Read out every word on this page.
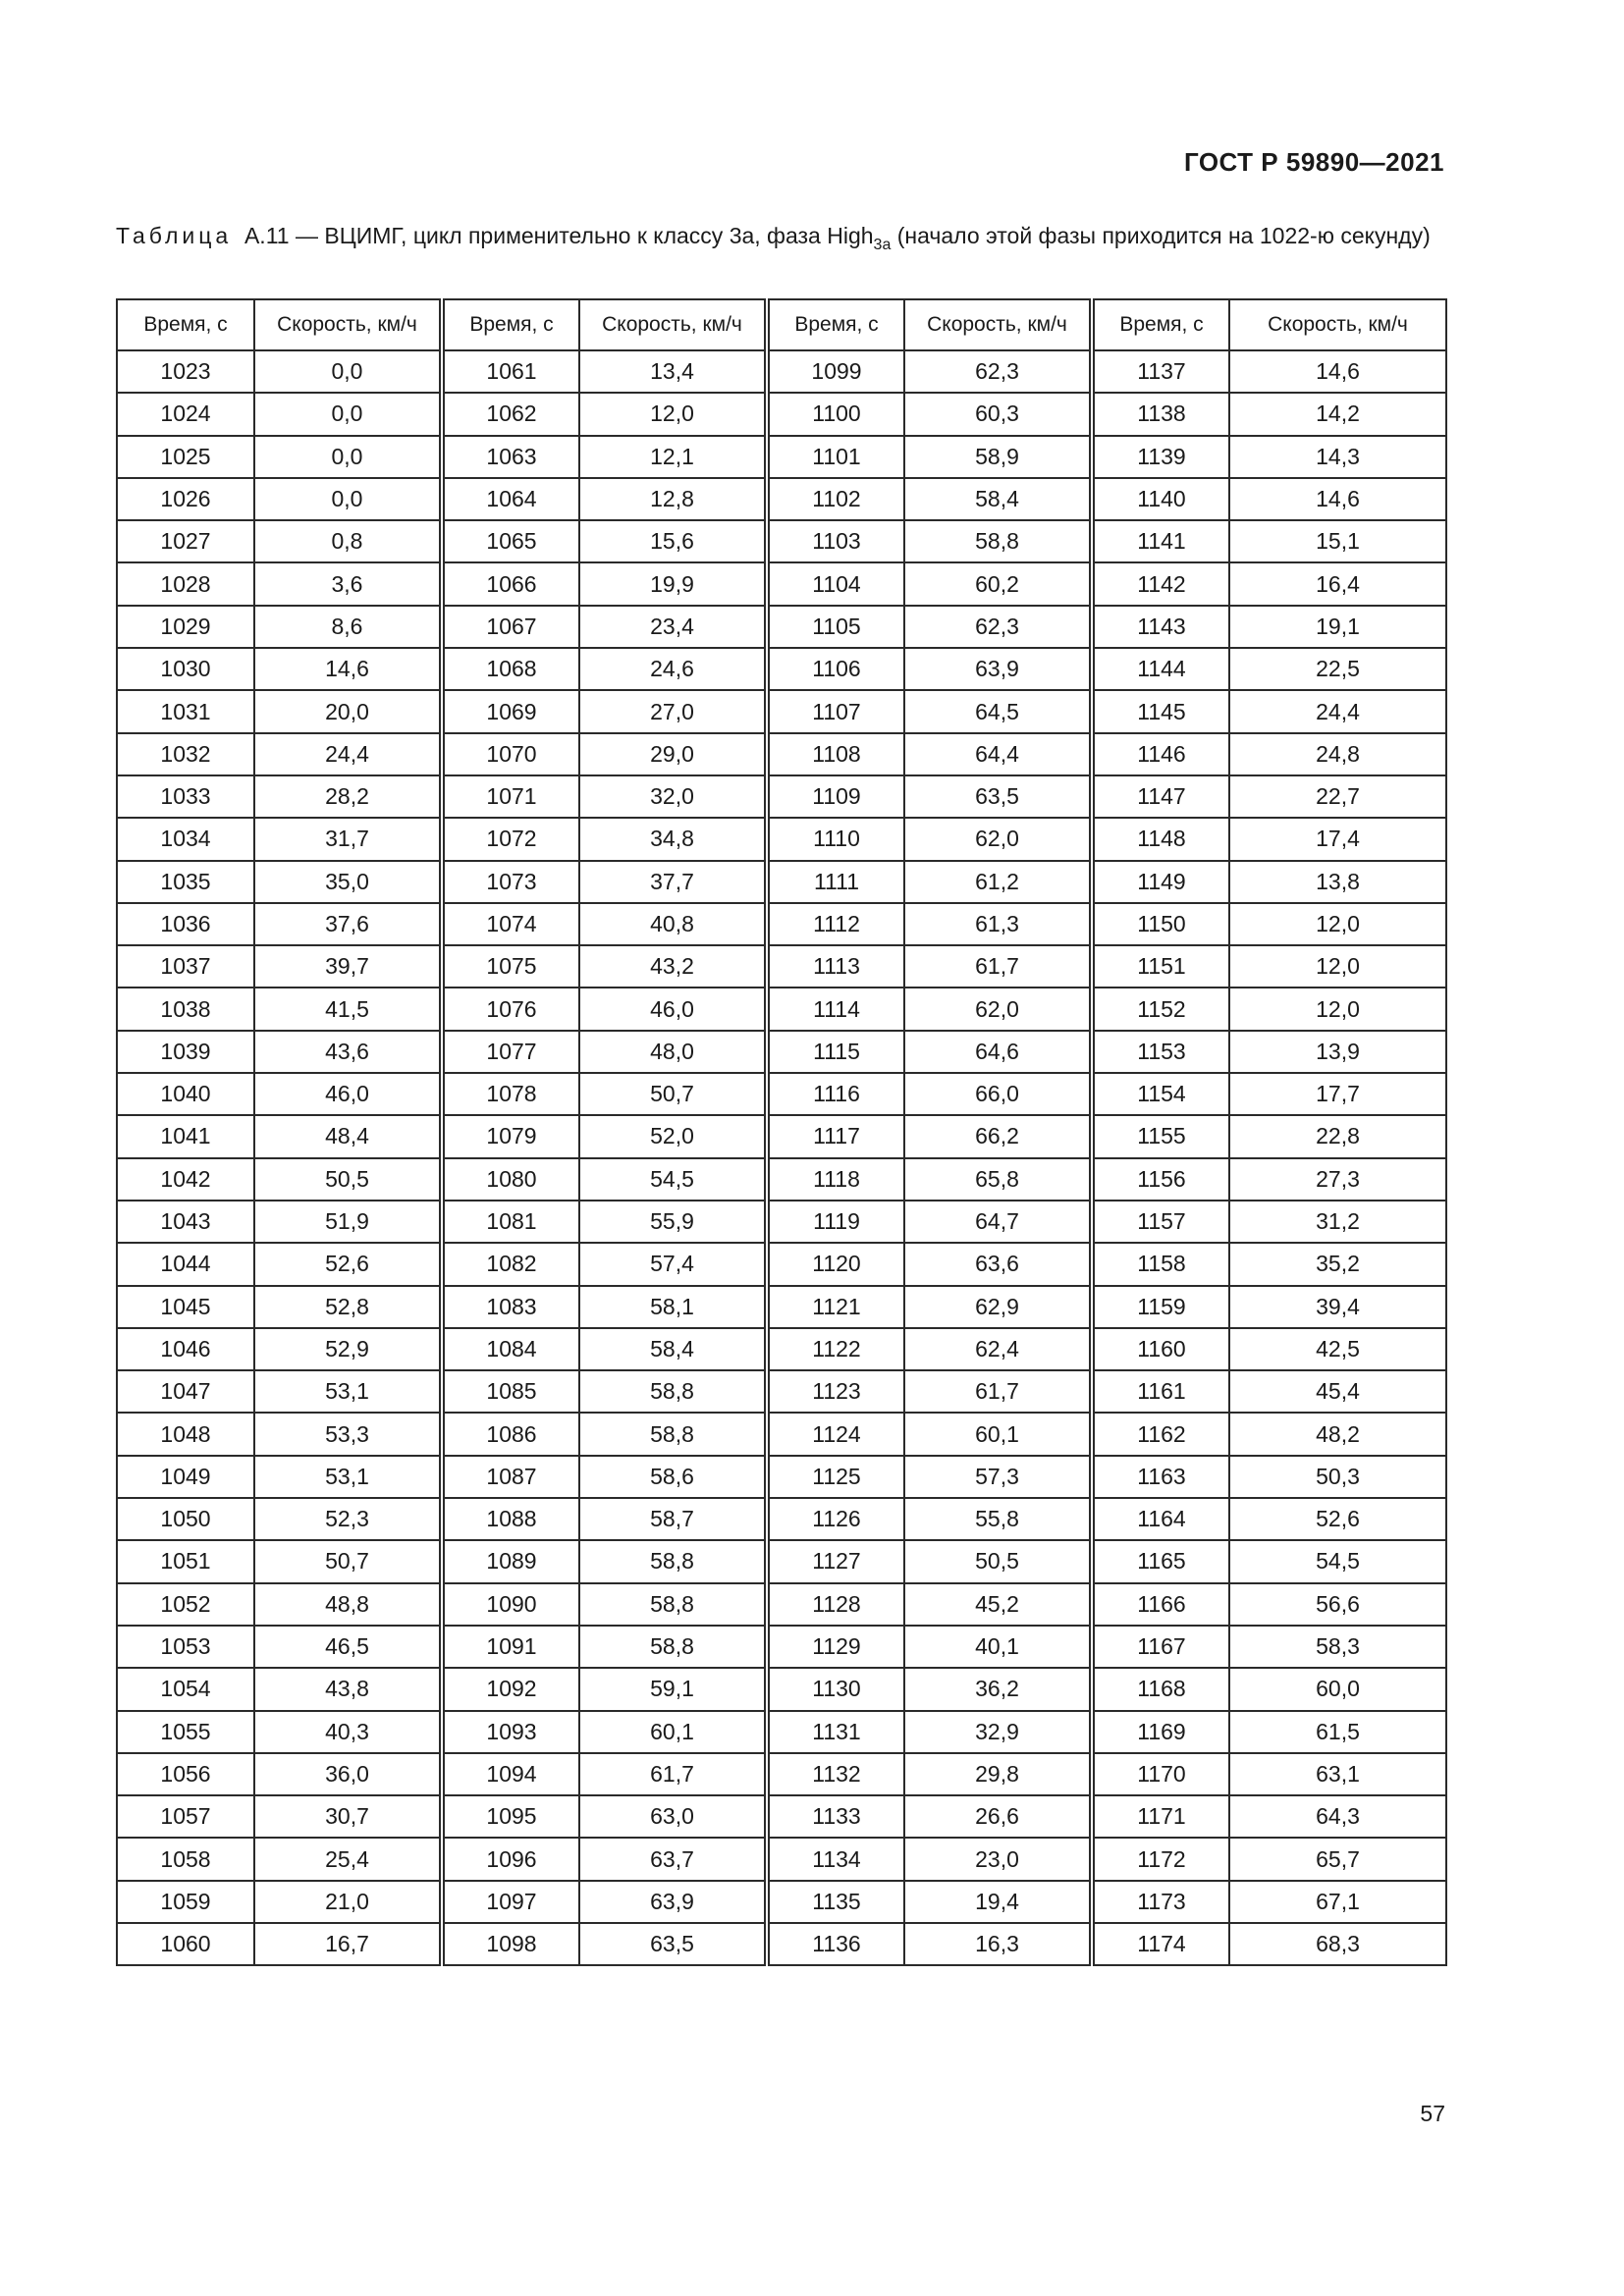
ГОСТ Р 59890—2021
Таблица А.11 — ВЦИМГ, цикл применительно к классу 3а, фаза High$_{3a}$ (начало этой фазы приходится на 1022-ю секунду)
Время, с	Скорость, км/ч	Время, с	Скорость, км/ч	Время, с	Скорость, км/ч	Время, с	Скорость, км/ч
1023	0,0	1061	13,4	1099	62,3	1137	14,6
1024	0,0	1062	12,0	1100	60,3	1138	14,2
1025	0,0	1063	12,1	1101	58,9	1139	14,3
1026	0,0	1064	12,8	1102	58,4	1140	14,6
1027	0,8	1065	15,6	1103	58,8	1141	15,1
1028	3,6	1066	19,9	1104	60,2	1142	16,4
1029	8,6	1067	23,4	1105	62,3	1143	19,1
1030	14,6	1068	24,6	1106	63,9	1144	22,5
1031	20,0	1069	27,0	1107	64,5	1145	24,4
1032	24,4	1070	29,0	1108	64,4	1146	24,8
1033	28,2	1071	32,0	1109	63,5	1147	22,7
1034	31,7	1072	34,8	1110	62,0	1148	17,4
1035	35,0	1073	37,7	1111	61,2	1149	13,8
1036	37,6	1074	40,8	1112	61,3	1150	12,0
1037	39,7	1075	43,2	1113	61,7	1151	12,0
1038	41,5	1076	46,0	1114	62,0	1152	12,0
1039	43,6	1077	48,0	1115	64,6	1153	13,9
1040	46,0	1078	50,7	1116	66,0	1154	17,7
1041	48,4	1079	52,0	1117	66,2	1155	22,8
1042	50,5	1080	54,5	1118	65,8	1156	27,3
1043	51,9	1081	55,9	1119	64,7	1157	31,2
1044	52,6	1082	57,4	1120	63,6	1158	35,2
1045	52,8	1083	58,1	1121	62,9	1159	39,4
1046	52,9	1084	58,4	1122	62,4	1160	42,5
1047	53,1	1085	58,8	1123	61,7	1161	45,4
1048	53,3	1086	58,8	1124	60,1	1162	48,2
1049	53,1	1087	58,6	1125	57,3	1163	50,3
1050	52,3	1088	58,7	1126	55,8	1164	52,6
1051	50,7	1089	58,8	1127	50,5	1165	54,5
1052	48,8	1090	58,8	1128	45,2	1166	56,6
1053	46,5	1091	58,8	1129	40,1	1167	58,3
1054	43,8	1092	59,1	1130	36,2	1168	60,0
1055	40,3	1093	60,1	1131	32,9	1169	61,5
1056	36,0	1094	61,7	1132	29,8	1170	63,1
1057	30,7	1095	63,0	1133	26,6	1171	64,3
1058	25,4	1096	63,7	1134	23,0	1172	65,7
1059	21,0	1097	63,9	1135	19,4	1173	67,1
1060	16,7	1098	63,5	1136	16,3	1174	68,3
57
